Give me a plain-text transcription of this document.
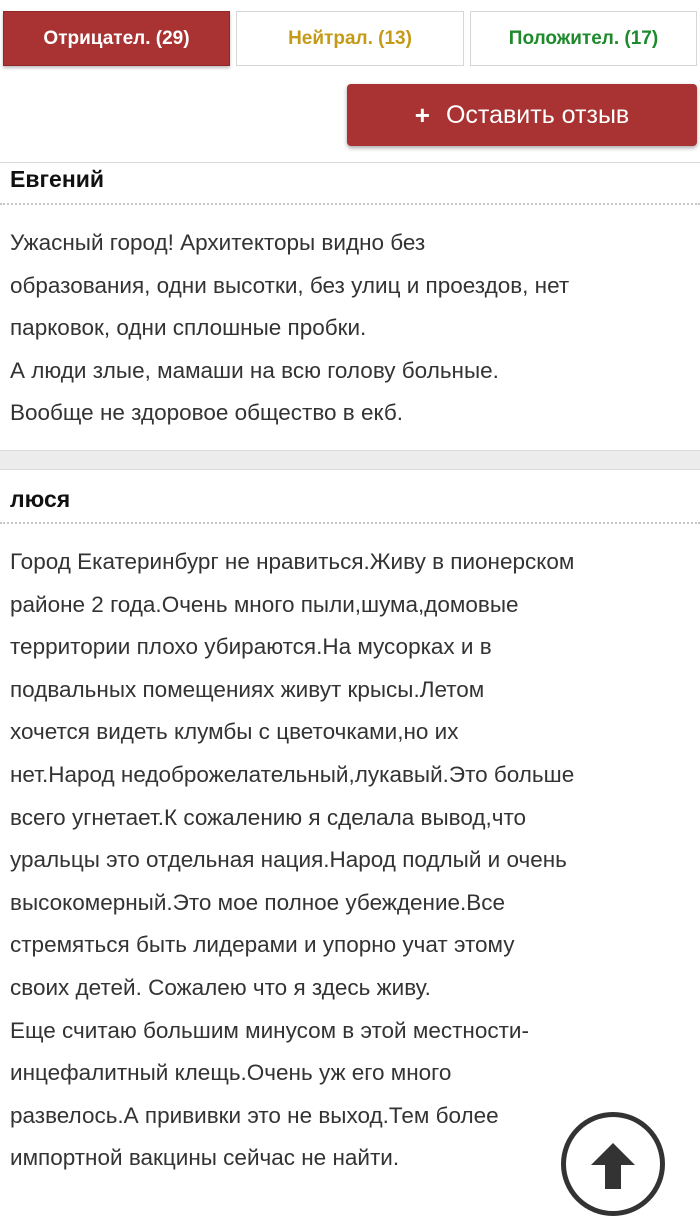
Отрицател. (29)	Нейтрал. (13)	Положител. (17)
+ Оставить отзыв
Евгений
Ужасный город! Архитекторы видно без
образования, одни высотки, без улиц и проездов, нет
парковок, одни сплошные пробки.
А люди злые, мамаши на всю голову больные.
Вообще не здоровое общество в екб.
люся
Город Екатеринбург не нравиться.Живу в пионерском
районе 2 года.Очень много пыли,шума,домовые
территории плохо убираются.На мусорках и в
подвальных помещениях живут крысы.Летом
хочется видеть клумбы с цветочками,но их
нет.Народ недоброжелательный,лукавый.Это больше
всего угнетает.К сожалению я сделала вывод,что
уральцы это отдельная нация.Народ подлый и очень
высокомерный.Это мое полное убеждение.Все
стремяться быть лидерами и упорно учат этому
своих детей. Сожалею что я здесь живу.
Еще считаю большим минусом в этой местности-
инцефалитный клещь.Очень уж его много
развелось.А прививки это не выход.Тем более
импортной вакцины сейчас не найти.
